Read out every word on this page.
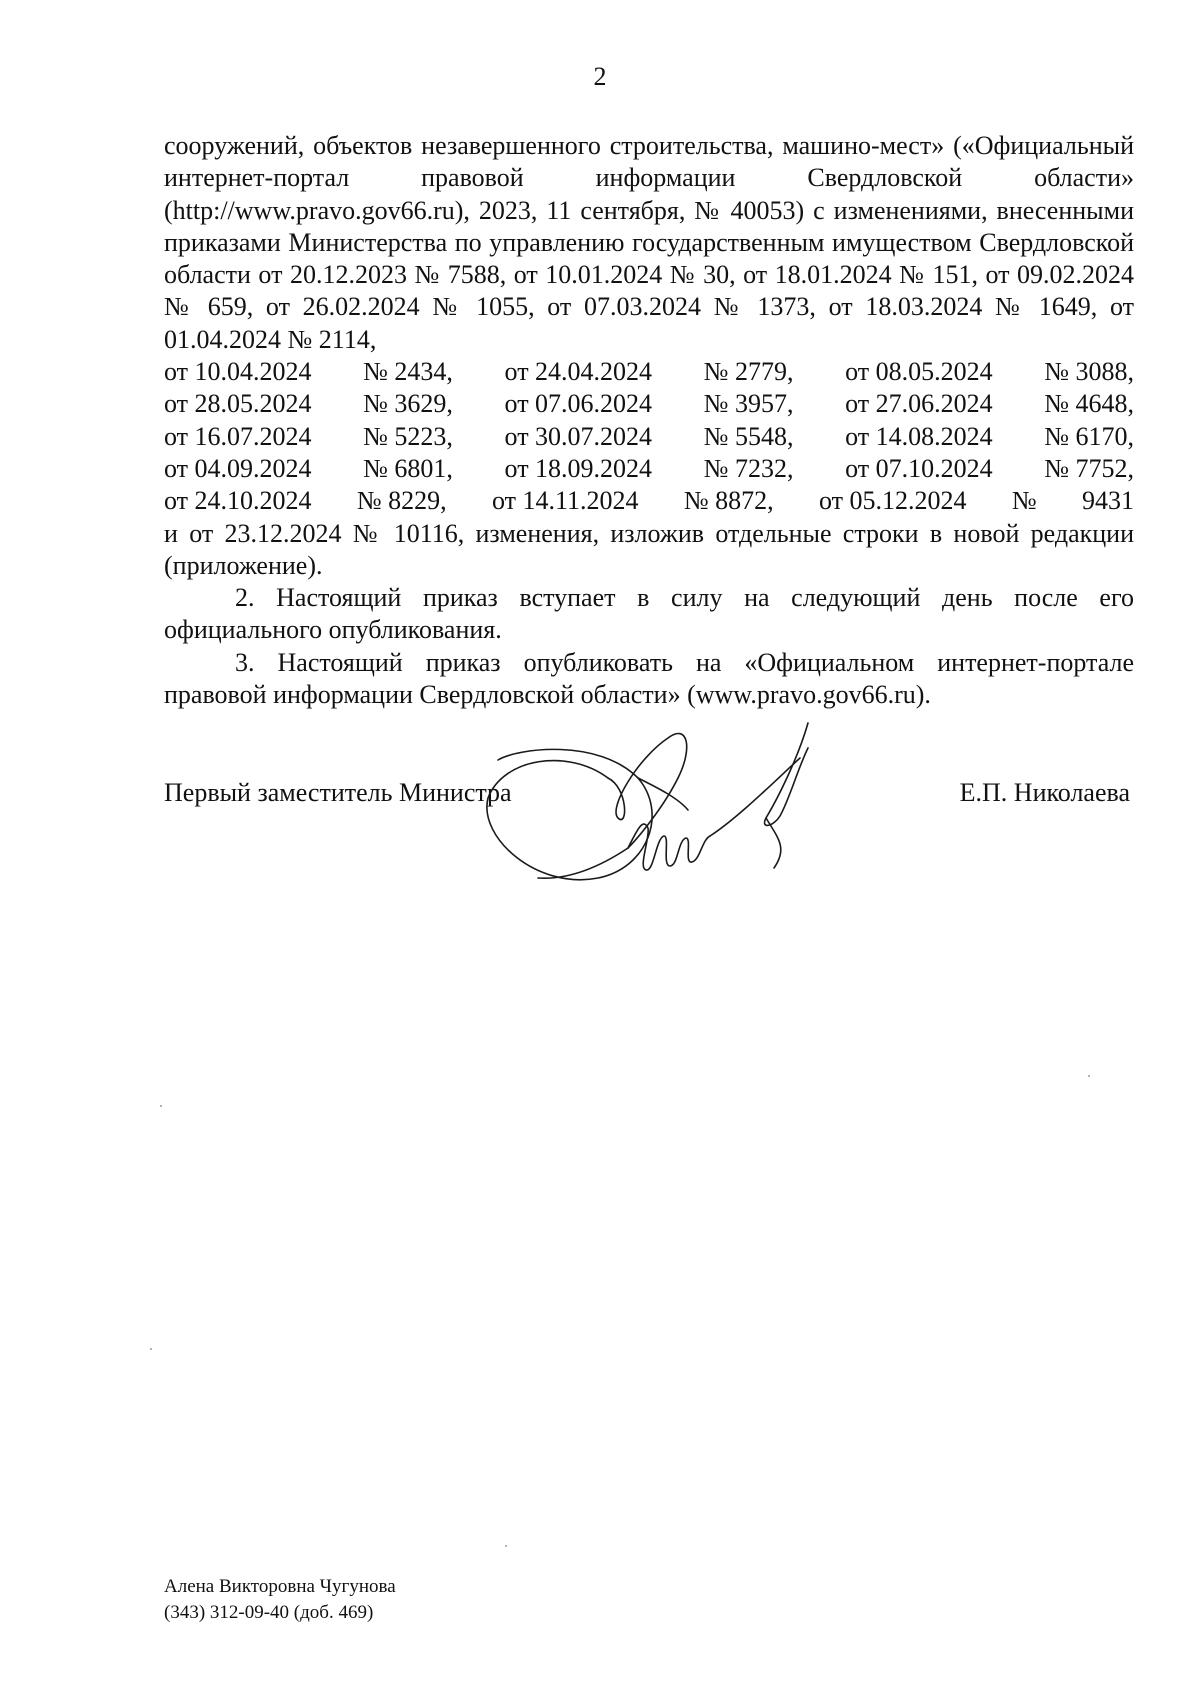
2

сооружений, объектов незавершенного строительства, машино-мест» («Официальный интернет-портал правовой информации Свердловской области» (http://www.pravo.gov66.ru), 2023, 11 сентября, № 40053) с изменениями, внесенными приказами Министерства по управлению государственным имуществом Свердловской области от 20.12.2023 № 7588, от 10.01.2024 № 30, от 18.01.2024 № 151, от 09.02.2024 № 659, от 26.02.2024 № 1055, от 07.03.2024 № 1373, от 18.03.2024 № 1649, от 01.04.2024 № 2114,

от 10.04.2024 № 2434, от 24.04.2024 № 2779, от 08.05.2024 № 3088,
от 28.05.2024 № 3629, от 07.06.2024 № 3957, от 27.06.2024 № 4648,
от 16.07.2024 № 5223, от 30.07.2024 № 5548, от 14.08.2024 № 6170,
от 04.09.2024 № 6801, от 18.09.2024 № 7232, от 07.10.2024 № 7752,
от 24.10.2024 № 8229, от 14.11.2024 № 8872, от 05.12.2024 № 9431

и от 23.12.2024 № 10116, изменения, изложив отдельные строки в новой редакции (приложение).

2. Настоящий приказ вступает в силу на следующий день после его официального опубликования.

3. Настоящий приказ опубликовать на «Официальном интернет-портале правовой информации Свердловской области» (www.pravo.gov66.ru).

Первый заместитель Министра	Е.П. Николаева
Алена Викторовна Чугунова
(343) 312-09-40 (доб. 469)
